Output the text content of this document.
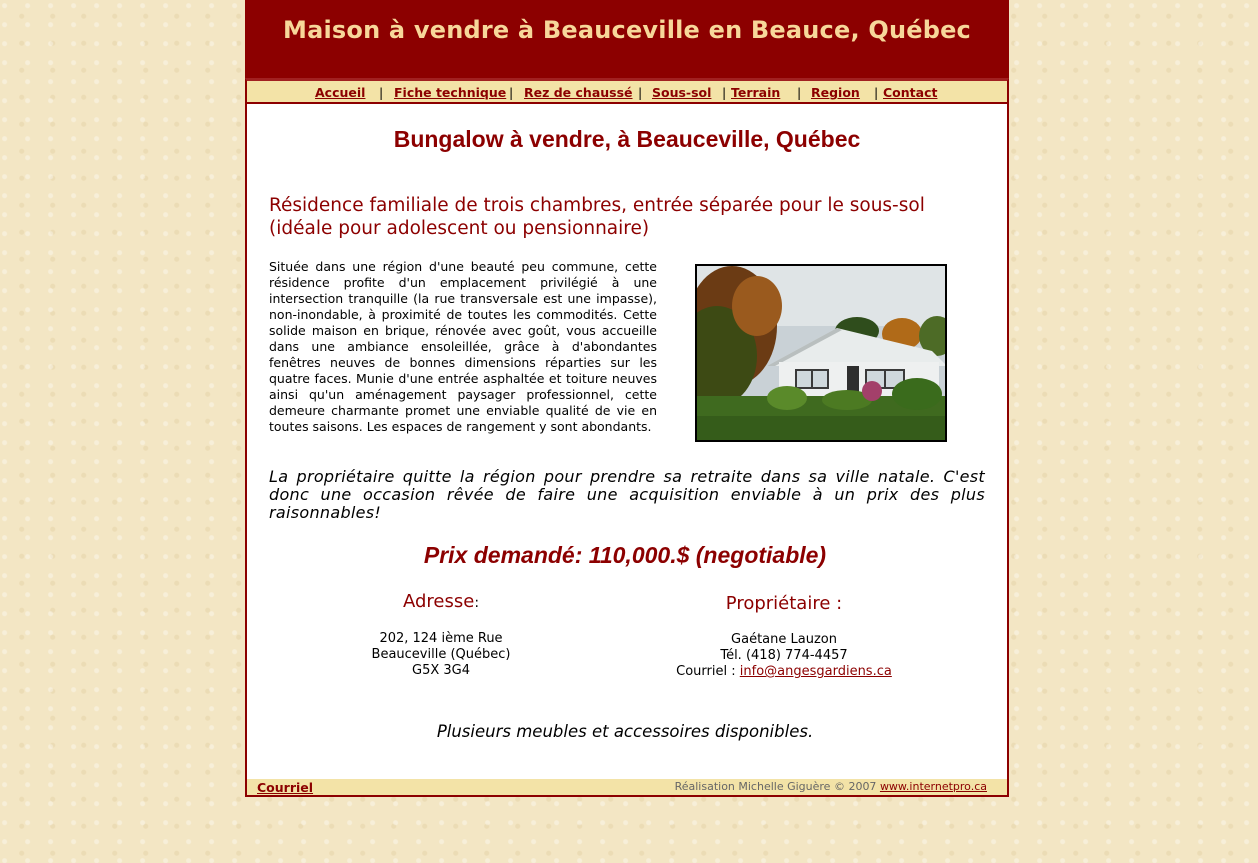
Maison à vendre à Beauceville en Beauce, Québec
Accueil | Fiche technique | Rez de chaussé | Sous-sol | Terrain | Region | Contact
Bungalow à vendre, à Beauceville, Québec

Résidence familiale de trois chambres, entrée séparée pour le sous-sol (idéale pour adolescent ou pensionnaire)

Située dans une région d'une beauté peu commune, cette résidence profite d'un emplacement privilégié à une intersection tranquille (la rue transversale est une impasse), non-inondable, à proximité de toutes les commodités. Cette solide maison en brique, rénovée avec goût, vous accueille dans une ambiance ensoleillée, grâce à d'abondantes fenêtres neuves de bonnes dimensions réparties sur les quatre faces. Munie d'une entrée asphaltée et toiture neuves ainsi qu'un aménagement paysager professionnel, cette demeure charmante promet une enviable qualité de vie en toutes saisons. Les espaces de rangement y sont abondants.

La propriétaire quitte la région pour prendre sa retraite dans sa ville natale. C'est donc une occasion rêvée de faire une acquisition enviable à un prix des plus raisonnables!

Prix demandé: 110,000.$ (negotiable)

Adresse:
202, 124 ième Rue
Beauceville (Québec)
G5X 3G4
Propriétaire :
Gaétane Lauzon
Tél. (418) 774-4457
Courriel : info@angesgardiens.ca

Plusieurs meubles et accessoires disponibles.

Courriel	Réalisation Michelle Giguère © 2007 www.internetpro.ca
